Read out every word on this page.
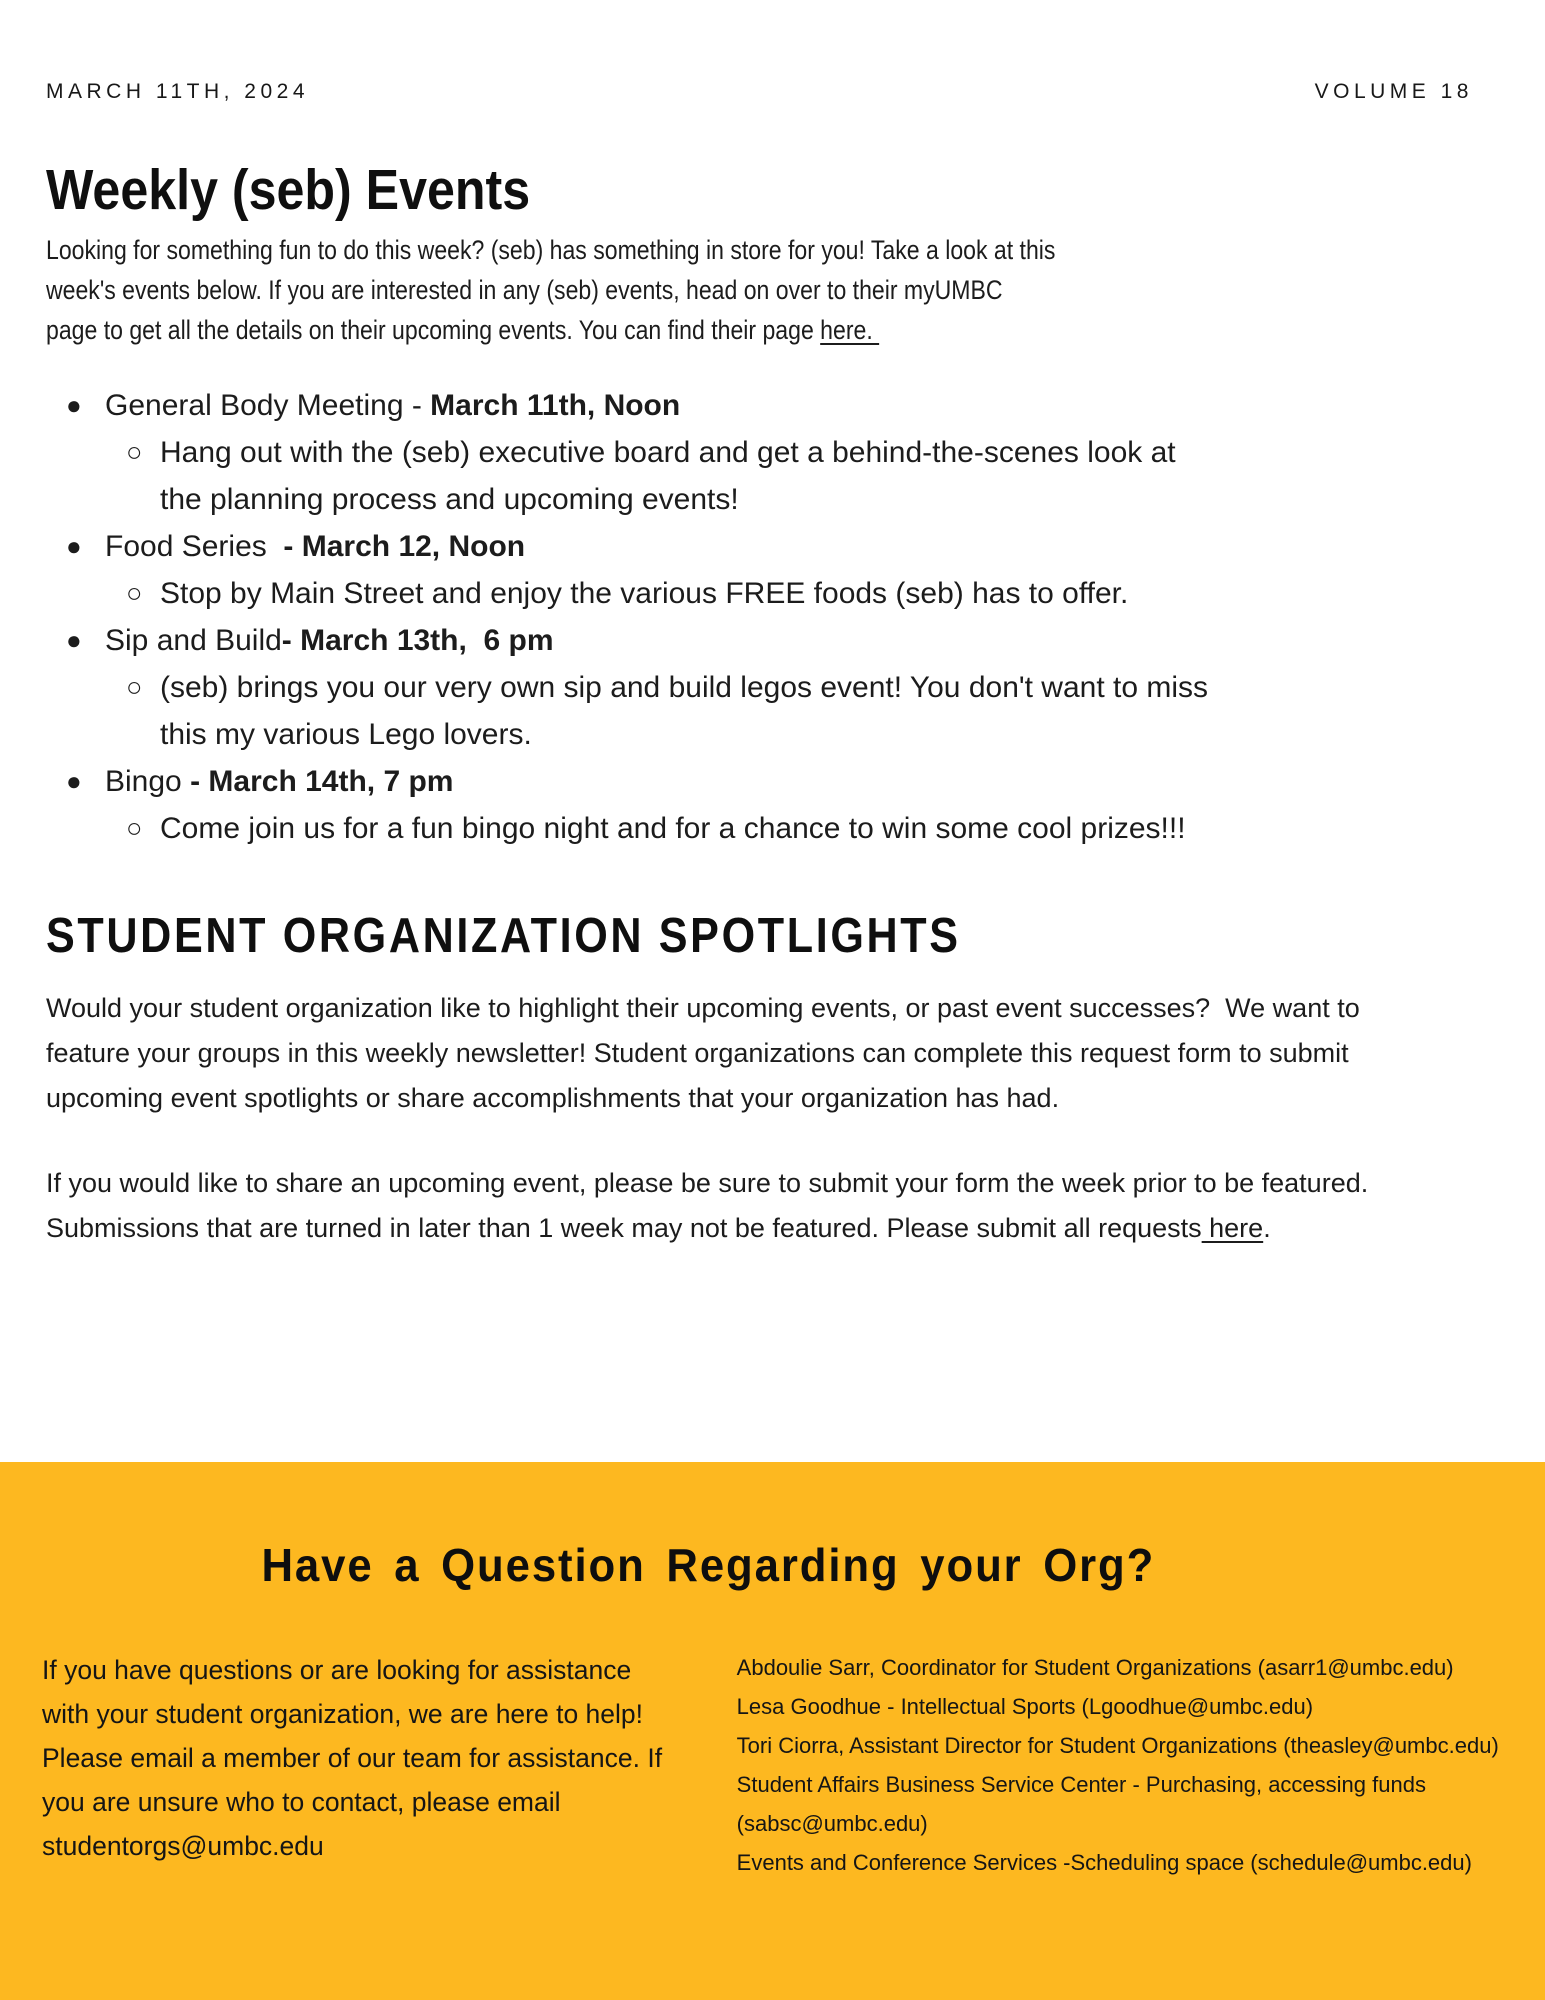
MARCH 11TH, 2024	VOLUME 18
Weekly (seb) Events

Looking for something fun to do this week? (seb) has something in store for you! Take a look at this week's events below. If you are interested in any (seb) events, head on over to their myUMBC page to get all the details on their upcoming events. You can find their page here.

● General Body Meeting - March 11th, Noon
○ Hang out with the (seb) executive board and get a behind-the-scenes look at the planning process and upcoming events!
● Food Series  - March 12, Noon
○ Stop by Main Street and enjoy the various FREE foods (seb) has to offer.
● Sip and Build- March 13th,  6 pm
○ (seb) brings you our very own sip and build legos event! You don't want to miss this my various Lego lovers.
● Bingo - March 14th, 7 pm
○ Come join us for a fun bingo night and for a chance to win some cool prizes!!!
STUDENT ORGANIZATION SPOTLIGHTS

Would your student organization like to highlight their upcoming events, or past event successes?  We want to feature your groups in this weekly newsletter! Student organizations can complete this request form to submit upcoming event spotlights or share accomplishments that your organization has had.

If you would like to share an upcoming event, please be sure to submit your form the week prior to be featured. Submissions that are turned in later than 1 week may not be featured. Please submit all requests here.

Have a Question Regarding your Org?
If you have questions or are looking for assistance with your student organization, we are here to help! Please email a member of our team for assistance. If you are unsure who to contact, please email studentorgs@umbc.edu
Abdoulie Sarr, Coordinator for Student Organizations (asarr1@umbc.edu)
Lesa Goodhue - Intellectual Sports (Lgoodhue@umbc.edu)
Tori Ciorra, Assistant Director for Student Organizations (theasley@umbc.edu)
Student Affairs Business Service Center - Purchasing, accessing funds (sabsc@umbc.edu)
Events and Conference Services -Scheduling space (schedule@umbc.edu)
